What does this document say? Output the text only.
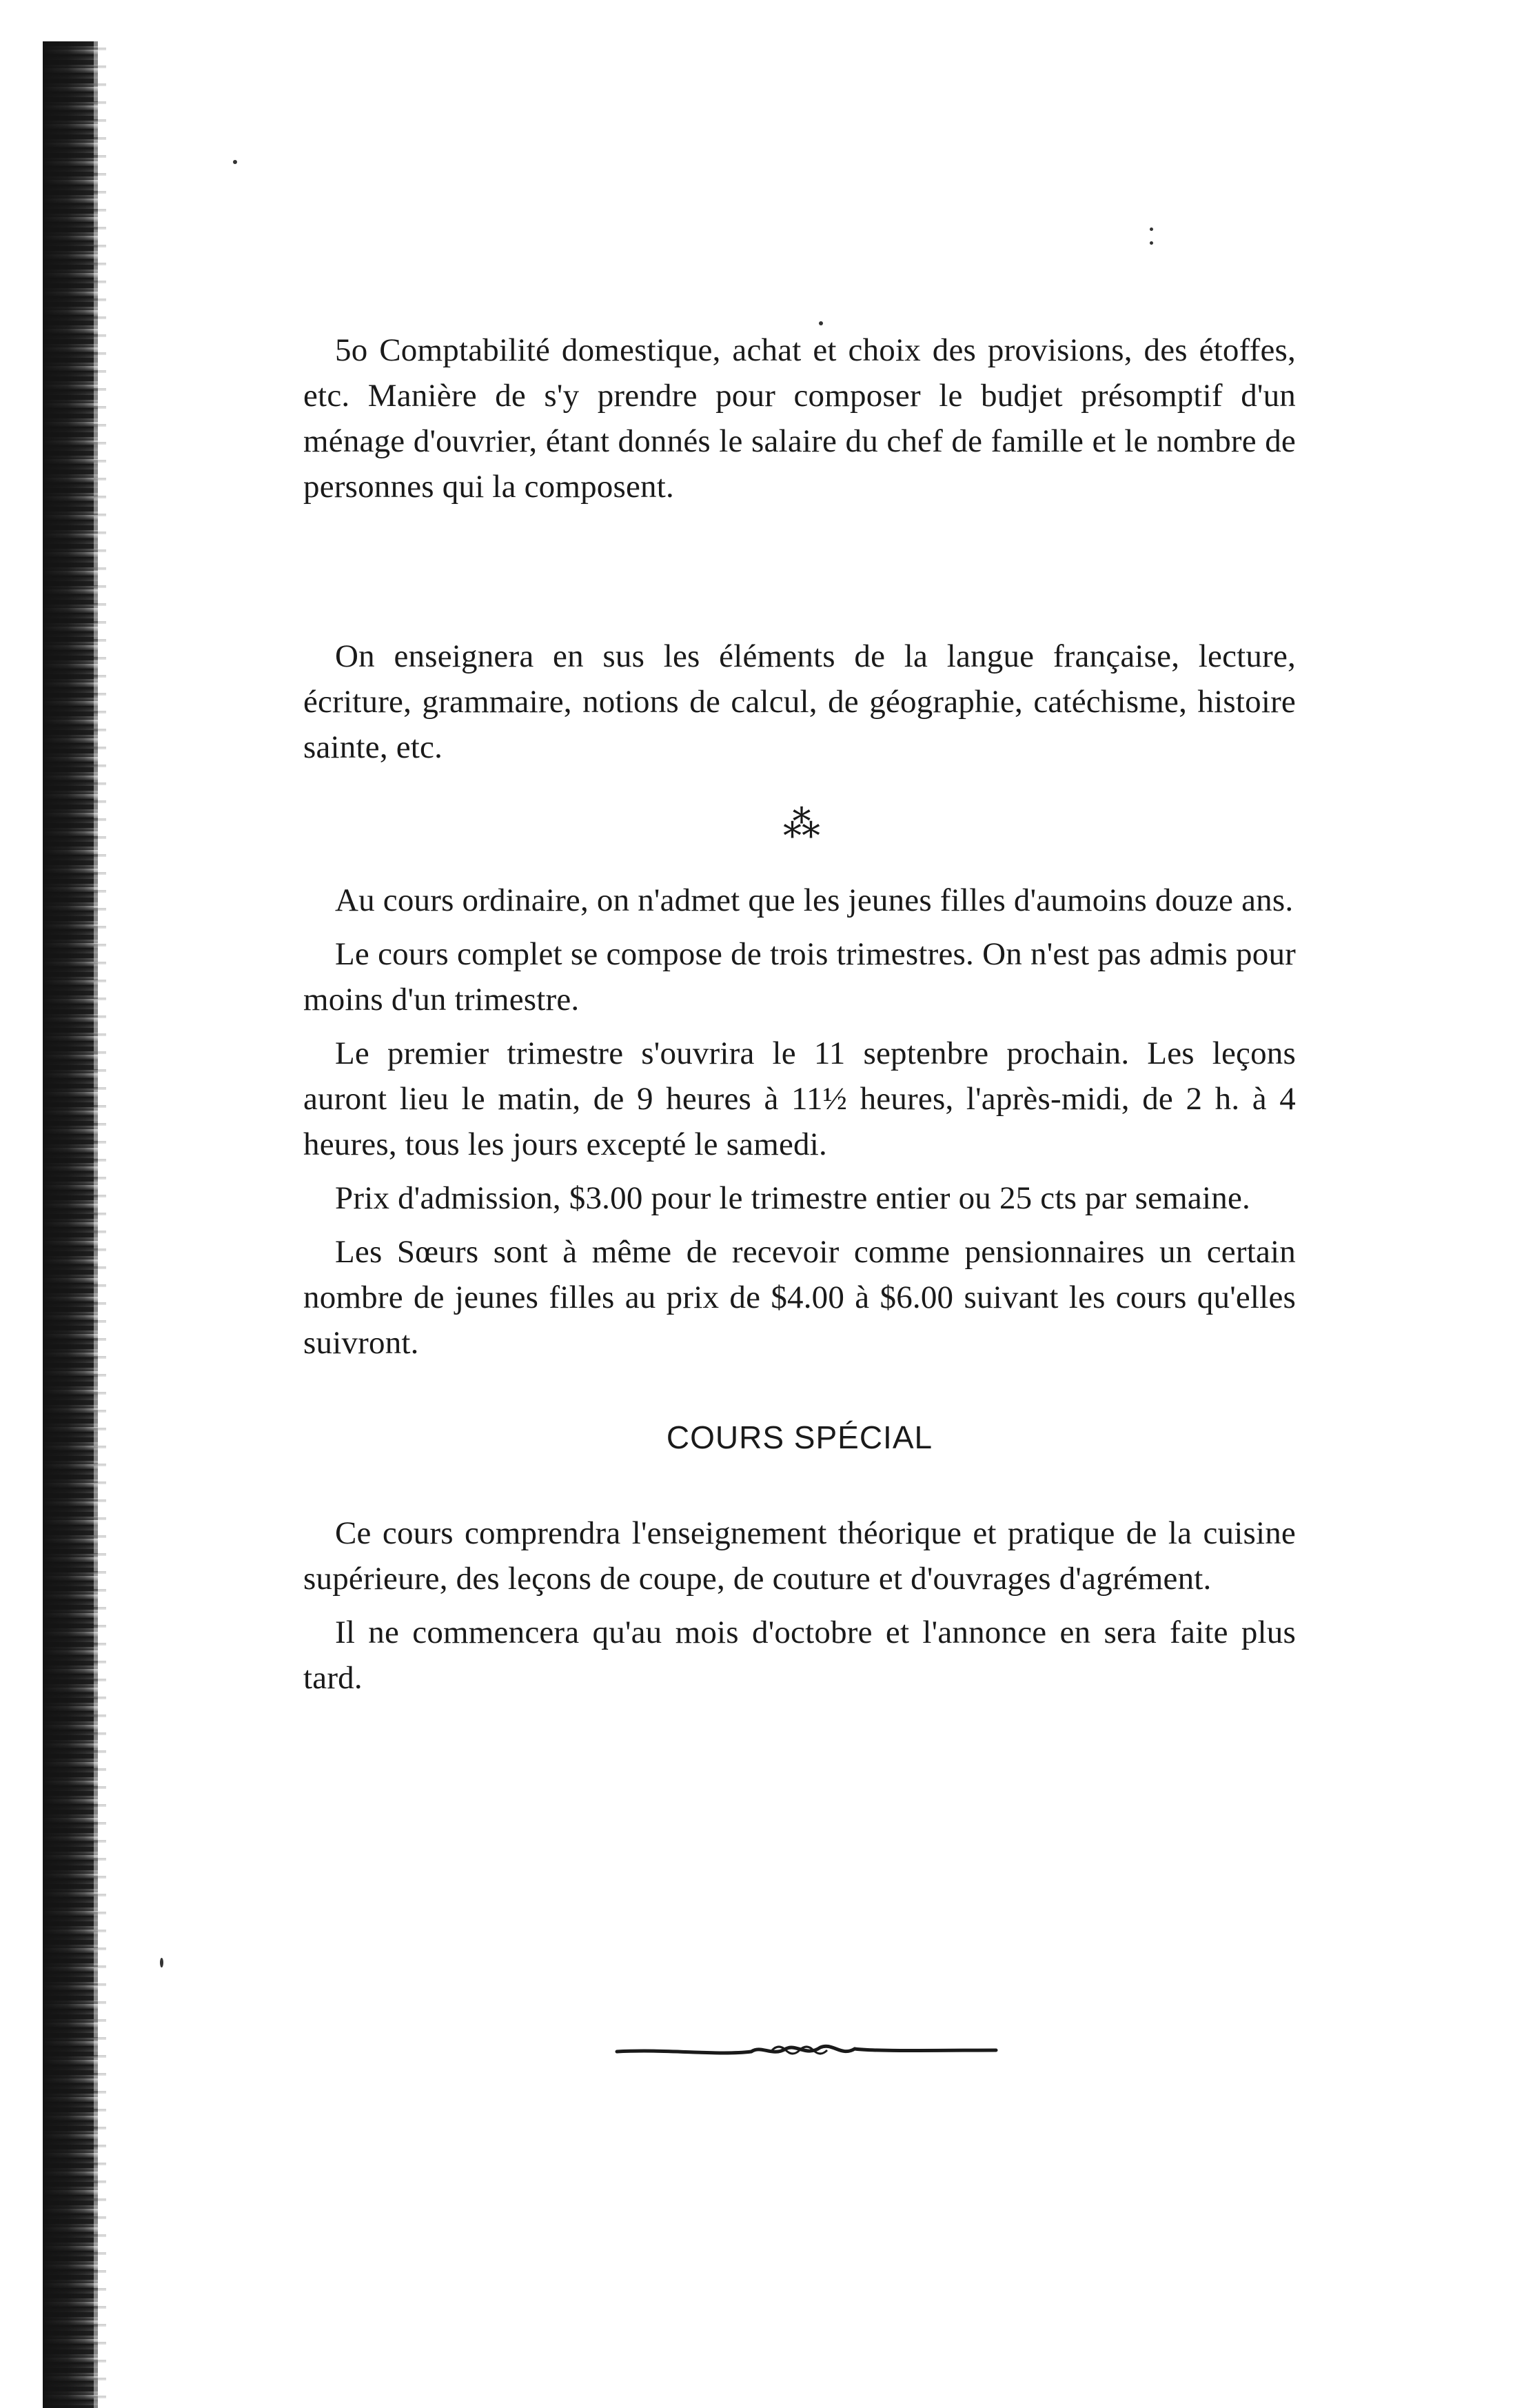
5o Comptabilité domestique, achat et choix des provisions, des étoffes, etc. Manière de s'y prendre pour composer le budjet présomptif d'un ménage d'ouvrier, étant donnés le salaire du chef de famille et le nombre de personnes qui la composent.

On enseignera en sus les éléments de la langue française, lecture, écriture, grammaire, notions de calcul, de géographie, catéchisme, histoire sainte, etc.

⁂

Au cours ordinaire, on n'admet que les jeunes filles d'aumoins douze ans.

Le cours complet se compose de trois trimestres. On n'est pas admis pour moins d'un trimestre.

Le premier trimestre s'ouvrira le 11 septenbre prochain. Les leçons auront lieu le matin, de 9 heures à 11½ heures, l'après-midi, de 2 h. à 4 heures, tous les jours excepté le samedi.

Prix d'admission, $3.00 pour le trimestre entier ou 25 cts par semaine.

Les Sœurs sont à même de recevoir comme pensionnaires un certain nombre de jeunes filles au prix de $4.00 à $6.00 suivant les cours qu'elles suivront.

COURS SPÉCIAL

Ce cours comprendra l'enseignement théorique et pratique de la cuisine supérieure, des leçons de coupe, de couture et d'ouvrages d'agrément.

Il ne commencera qu'au mois d'octobre et l'annonce en sera faite plus tard.
